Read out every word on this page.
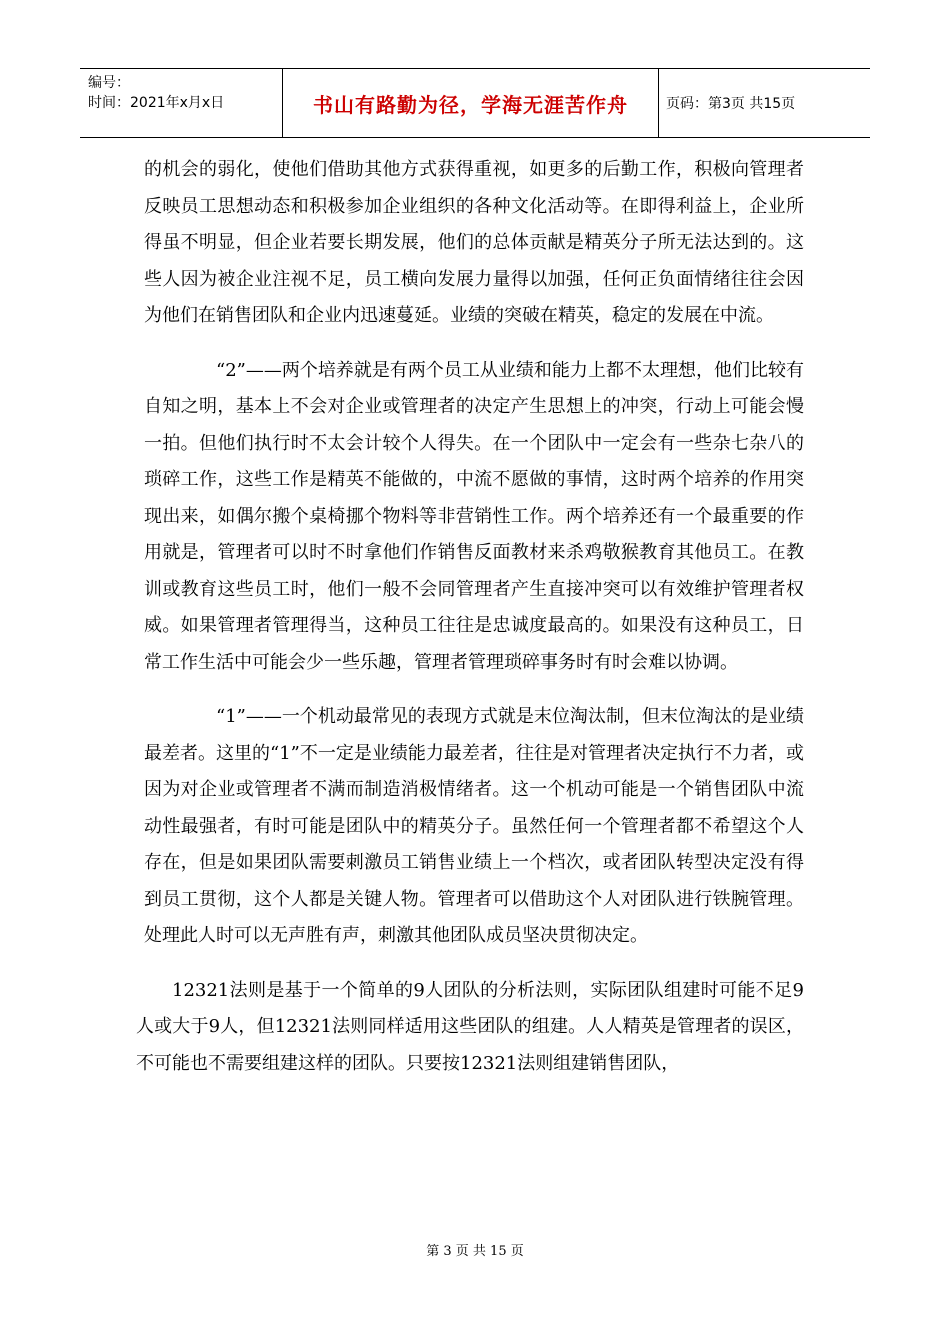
编号：
时间：2021年x月x日	书山有路勤为径，学海无涯苦作舟	页码：第3页 共15页

的机会的弱化，使他们借助其他方式获得重视，如更多的后勤工作，积极向管理者反映员工思想动态和积极参加企业组织的各种文化活动等。在即得利益上，企业所得虽不明显，但企业若要长期发展，他们的总体贡献是精英分子所无法达到的。这些人因为被企业注视不足，员工横向发展力量得以加强，任何正负面情绪往往会因为他们在销售团队和企业内迅速蔓延。业绩的突破在精英，稳定的发展在中流。

“2”——两个培养就是有两个员工从业绩和能力上都不太理想，他们比较有自知之明，基本上不会对企业或管理者的决定产生思想上的冲突，行动上可能会慢一拍。但他们执行时不太会计较个人得失。在一个团队中一定会有一些杂七杂八的琐碎工作，这些工作是精英不能做的，中流不愿做的事情，这时两个培养的作用突现出来，如偶尔搬个桌椅挪个物料等非营销性工作。两个培养还有一个最重要的作用就是，管理者可以时不时拿他们作销售反面教材来杀鸡敬猴教育其他员工。在教训或教育这些员工时，他们一般不会同管理者产生直接冲突可以有效维护管理者权威。如果管理者管理得当，这种员工往往是忠诚度最高的。如果没有这种员工，日常工作生活中可能会少一些乐趣，管理者管理琐碎事务时有时会难以协调。

“1”——一个机动最常见的表现方式就是末位淘汰制，但末位淘汰的是业绩最差者。这里的“1”不一定是业绩能力最差者，往往是对管理者决定执行不力者，或因为对企业或管理者不满而制造消极情绪者。这一个机动可能是一个销售团队中流动性最强者，有时可能是团队中的精英分子。虽然任何一个管理者都不希望这个人存在，但是如果团队需要刺激员工销售业绩上一个档次，或者团队转型决定没有得到员工贯彻，这个人都是关键人物。管理者可以借助这个人对团队进行铁腕管理。处理此人时可以无声胜有声，刺激其他团队成员坚决贯彻决定。

12321法则是基于一个简单的9人团队的分析法则，实际团队组建时可能不足9人或大于9人，但12321法则同样适用这些团队的组建。人人精英是管理者的误区，不可能也不需要组建这样的团队。只要按12321法则组建销售团队，

第 3 页 共 15 页
